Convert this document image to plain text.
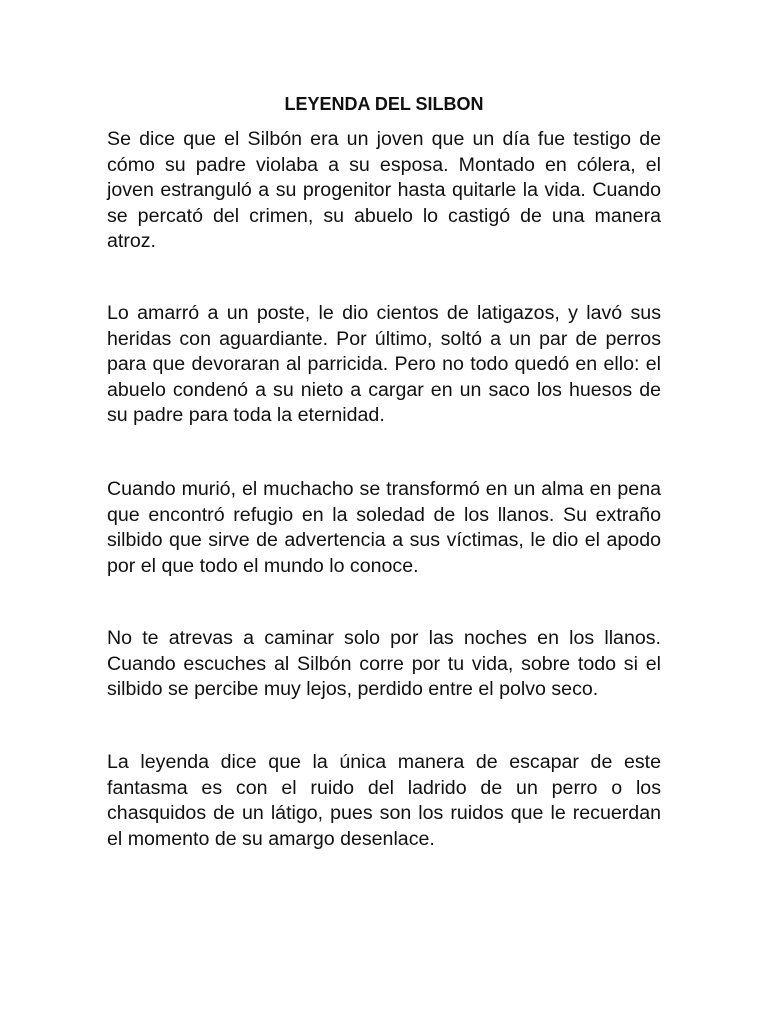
LEYENDA DEL SILBON

Se dice que el Silbón era un joven que un día fue testigo de cómo su padre violaba a su esposa. Montado en cólera, el joven estranguló a su progenitor hasta quitarle la vida. Cuando se percató del crimen, su abuelo lo castigó de una manera atroz.

Lo amarró a un poste, le dio cientos de latigazos, y lavó sus heridas con aguardiante. Por último, soltó a un par de perros para que devoraran al parricida. Pero no todo quedó en ello: el abuelo condenó a su nieto a cargar en un saco los huesos de su padre para toda la eternidad.

Cuando murió, el muchacho se transformó en un alma en pena que encontró refugio en la soledad de los llanos. Su extraño silbido que sirve de advertencia a sus víctimas, le dio el apodo por el que todo el mundo lo conoce.

No te atrevas a caminar solo por las noches en los llanos. Cuando escuches al Silbón corre por tu vida, sobre todo si el silbido se percibe muy lejos, perdido entre el polvo seco.

La leyenda dice que la única manera de escapar de este fantasma es con el ruido del ladrido de un perro o los chasquidos de un látigo, pues son los ruidos que le recuerdan el momento de su amargo desenlace.
